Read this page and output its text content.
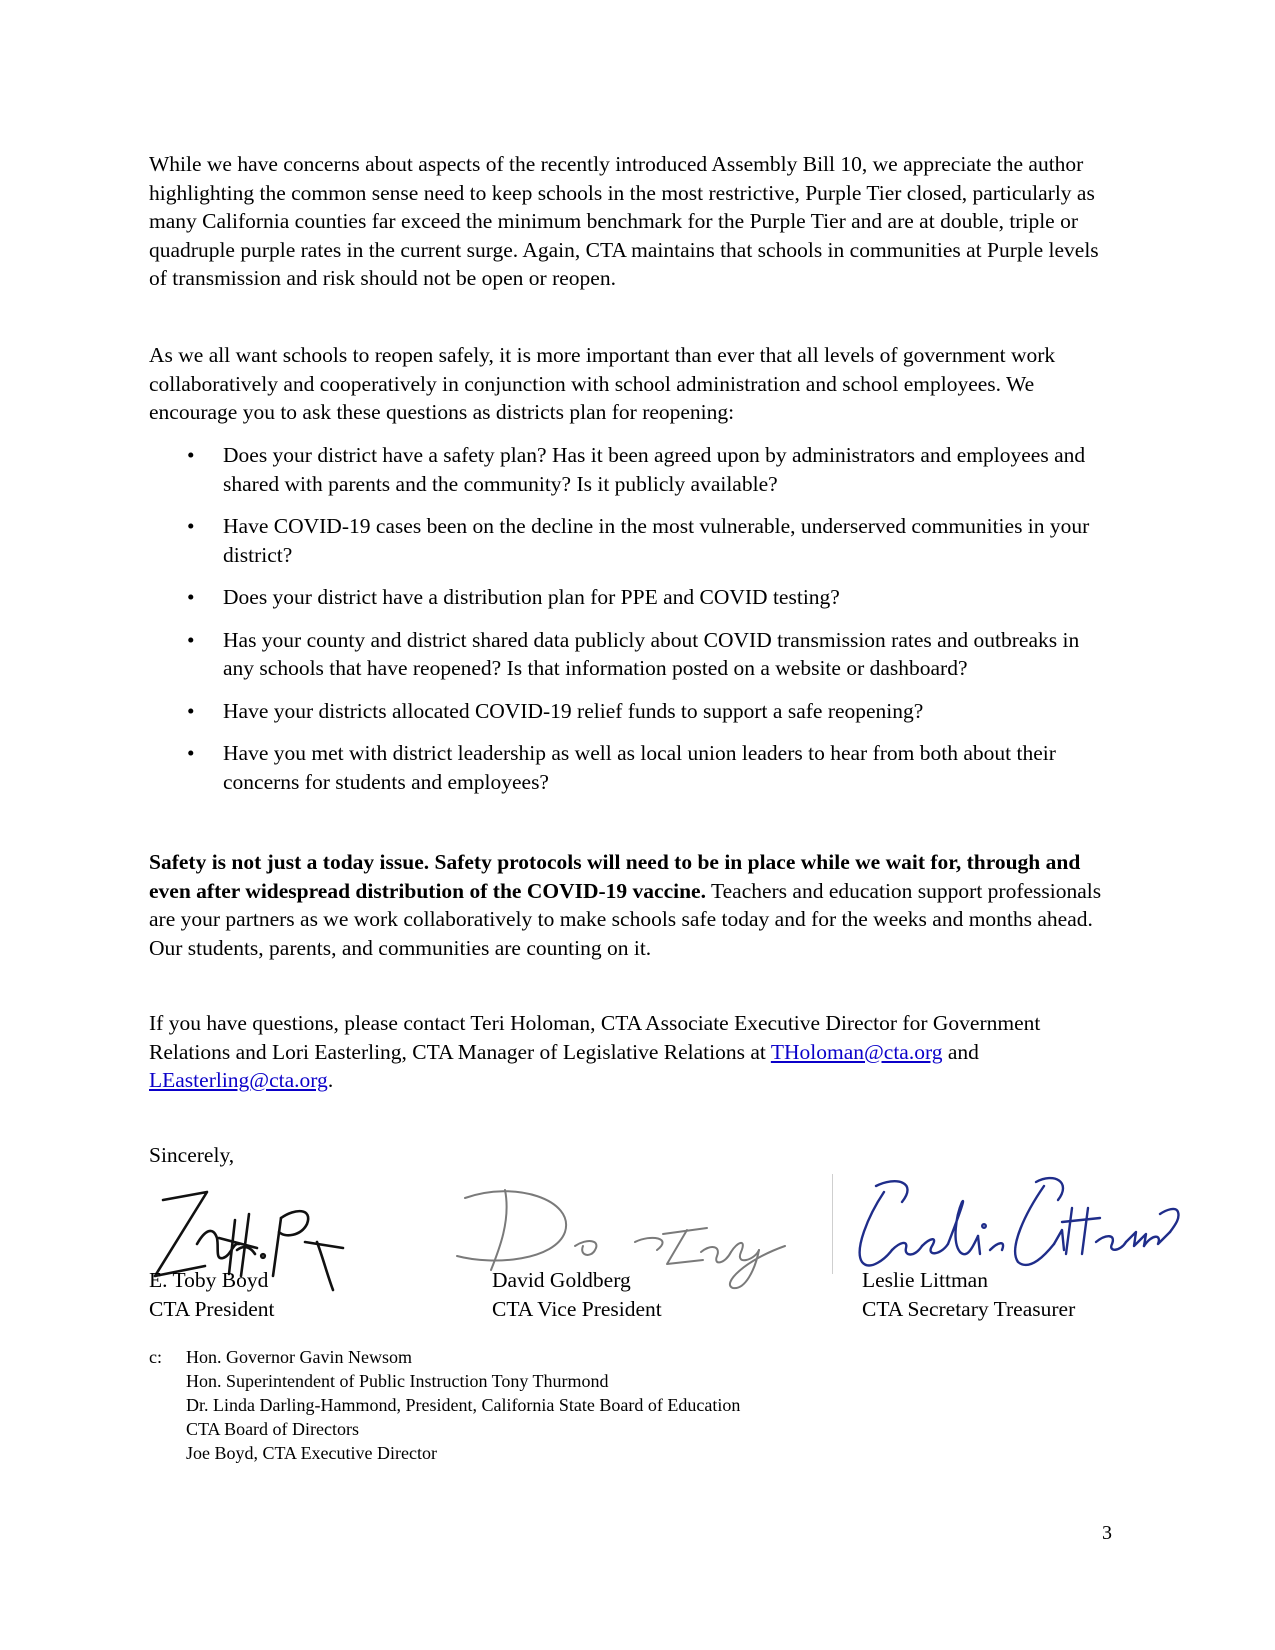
While we have concerns about aspects of the recently introduced Assembly Bill 10, we appreciate the author highlighting the common sense need to keep schools in the most restrictive, Purple Tier closed, particularly as many California counties far exceed the minimum benchmark for the Purple Tier and are at double, triple or quadruple purple rates in the current surge. Again, CTA maintains that schools in communities at Purple levels of transmission and risk should not be open or reopen.

As we all want schools to reopen safely, it is more important than ever that all levels of government work collaboratively and cooperatively in conjunction with school administration and school employees. We encourage you to ask these questions as districts plan for reopening:

• Does your district have a safety plan? Has it been agreed upon by administrators and employees and shared with parents and the community? Is it publicly available?
• Have COVID-19 cases been on the decline in the most vulnerable, underserved communities in your district?
• Does your district have a distribution plan for PPE and COVID testing?
• Has your county and district shared data publicly about COVID transmission rates and outbreaks in any schools that have reopened? Is that information posted on a website or dashboard?
• Have your districts allocated COVID-19 relief funds to support a safe reopening?
• Have you met with district leadership as well as local union leaders to hear from both about their concerns for students and employees?

Safety is not just a today issue. Safety protocols will need to be in place while we wait for, through and even after widespread distribution of the COVID-19 vaccine. Teachers and education support professionals are your partners as we work collaboratively to make schools safe today and for the weeks and months ahead. Our students, parents, and communities are counting on it.

If you have questions, please contact Teri Holoman, CTA Associate Executive Director for Government Relations and Lori Easterling, CTA Manager of Legislative Relations at THoloman@cta.org and LEasterling@cta.org.

Sincerely,
E. Toby Boyd
CTA President
David Goldberg
CTA Vice President
Leslie Littman
CTA Secretary Treasurer
c: Hon. Governor Gavin Newsom
Hon. Superintendent of Public Instruction Tony Thurmond
Dr. Linda Darling-Hammond, President, California State Board of Education
CTA Board of Directors
Joe Boyd, CTA Executive Director
3
